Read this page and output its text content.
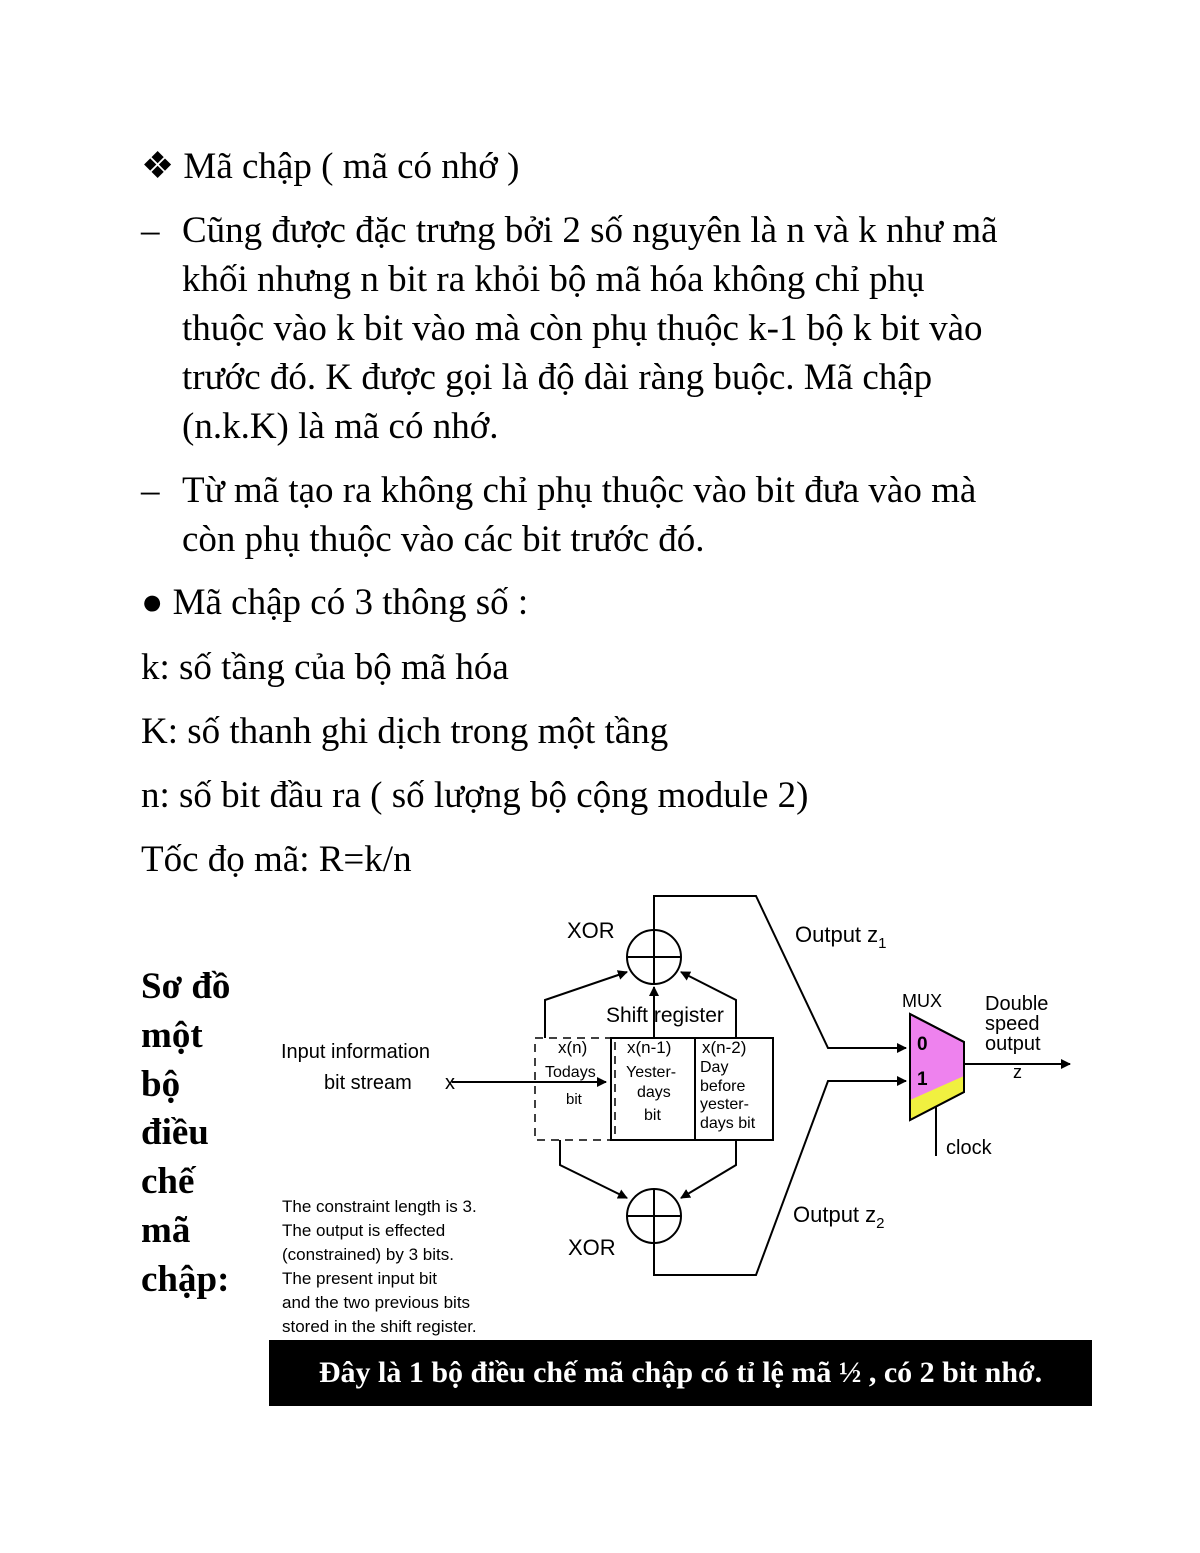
❖ Mã chập ( mã có nhớ )
– Cũng được đặc trưng bởi 2 số nguyên là n và k như mã
khối nhưng n bit ra khỏi bộ mã hóa không chỉ phụ
thuộc vào k bit vào mà còn phụ thuộc k-1 bộ k bit vào
trước đó. K được gọi là độ dài ràng buộc. Mã chập
(n.k.K) là mã có nhớ.
– Từ mã tạo ra không chỉ phụ thuộc vào bit đưa vào mà
còn phụ thuộc vào các bit trước đó.
● Mã chập có 3 thông số :
k: số tầng của bộ mã hóa
K: số thanh ghi dịch trong một tầng
n: số bit đầu ra ( số lượng bộ cộng module 2)
Tốc đọ mã: R=k/n
Sơ đồ
một
bộ
điều
chế
mã
chập:
XOR
XOR
Shift register
Input information
bit stream x
x(n)
Todays
bit
x(n-1)
Yester-
days
bit
x(n-2)
Day
before
yester-
days bit
Output $z_1$
Output $z_2$
MUX
0
1
Double
speed
output
z
clock
The constraint length is 3.
The output is effected
(constrained) by 3 bits.
The present input bit
and the two previous bits
stored in the shift register.
Đây là 1 bộ điều chế mã chập có tỉ lệ mã ½ , có 2 bit nhớ.
